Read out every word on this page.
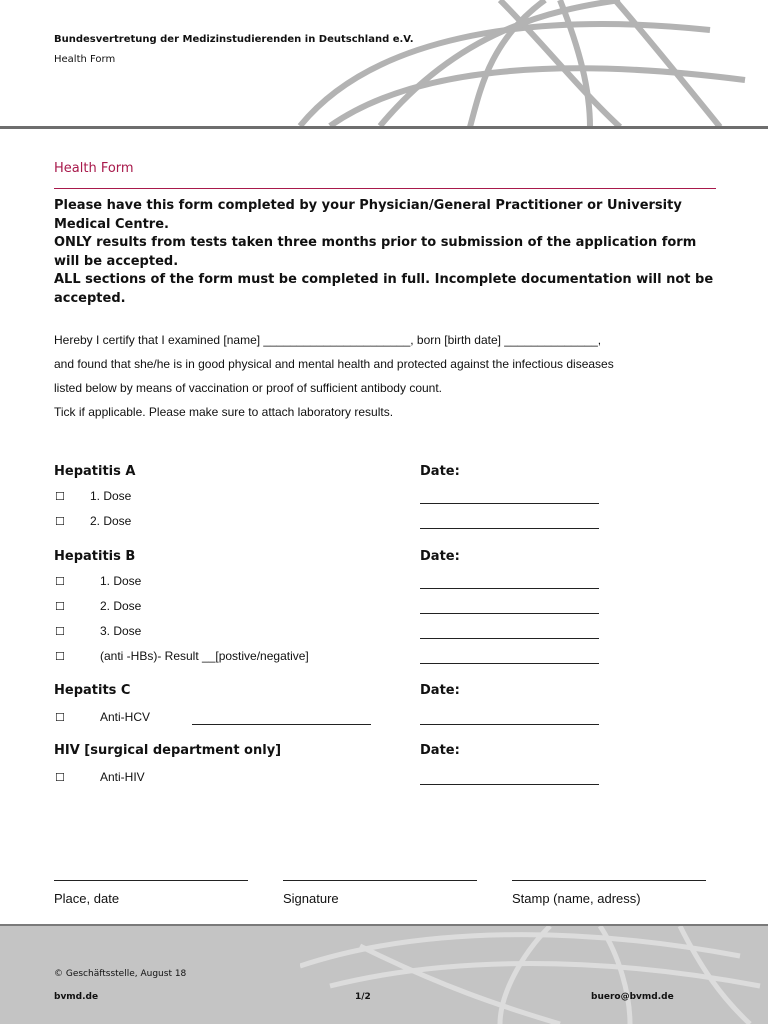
Bundesvertretung der Medizinstudierenden in Deutschland e.V.
Health Form
Health Form
Please have this form completed by your Physician/General Practitioner or University Medical Centre.
ONLY results from tests taken three months prior to submission of the application form will be accepted.
ALL sections of the form must be completed in full. Incomplete documentation will not be accepted.
Hereby I certify that I examined [name] ______________________, born [birth date] ______________,
and found that she/he is in good physical and mental health and protected against the infectious diseases
listed below by means of vaccination or proof of sufficient antibody count.
Tick if applicable. Please make sure to attach laboratory results.
Hepatitis A	Date:
☐ 1. Dose
☐ 2. Dose
Hepatitis B	Date:
☐	1. Dose
☐	2. Dose
☐	3. Dose
☐	(anti -HBs)- Result __[postive/negative]
Hepatits C	Date:
☐	Anti-HCV
HIV [surgical department only]	Date:
☐	Anti-HIV
Place, date	Signature	Stamp (name, adress)
© Geschäftsstelle, August 18
bvmd.de	1/2	buero@bvmd.de
